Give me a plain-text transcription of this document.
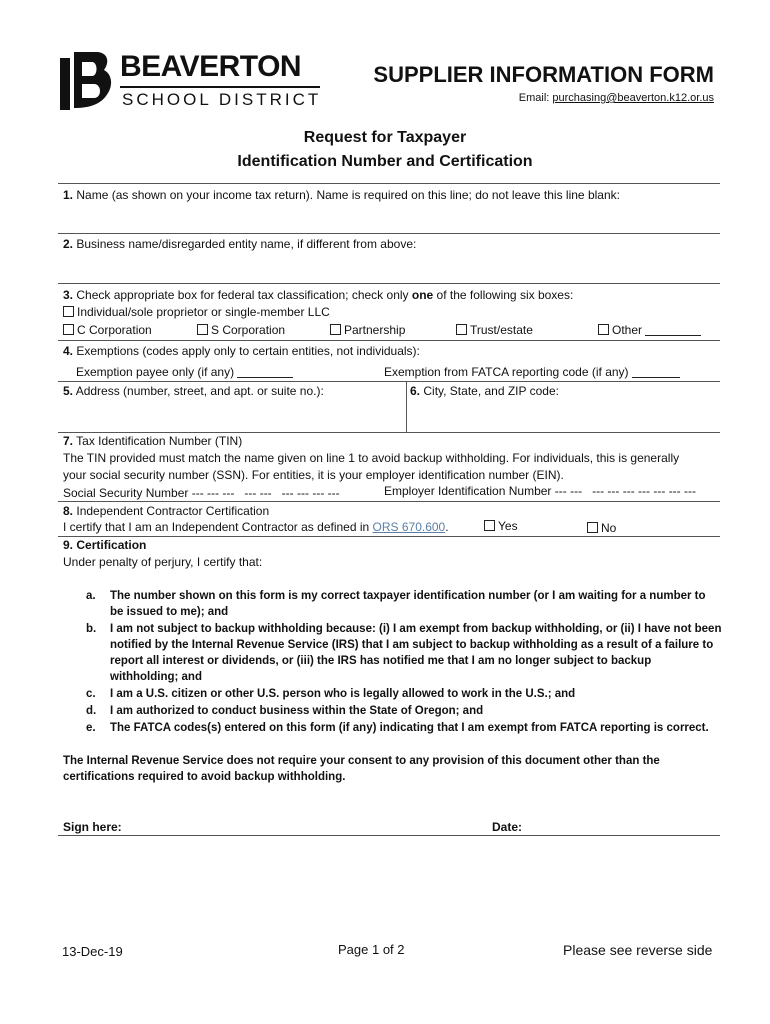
BEAVERTON
SCHOOL DISTRICT
SUPPLIER INFORMATION FORM
Email: purchasing@beaverton.k12.or.us
Request for Taxpayer
Identification Number and Certification
1. Name (as shown on your income tax return). Name is required on this line; do not leave this line blank:
2. Business name/disregarded entity name, if different from above:
3. Check appropriate box for federal tax classification; check only one of the following six boxes:
Individual/sole proprietor or single-member LLC
C Corporation	S Corporation	Partnership	Trust/estate	Other
4. Exemptions (codes apply only to certain entities, not individuals):
Exemption payee only (if any)	Exemption from FATCA reporting code (if any)
5. Address (number, street, and apt. or suite no.):	6. City, State, and ZIP code:
7. Tax Identification Number (TIN)
The TIN provided must match the name given on line 1 to avoid backup withholding. For individuals, this is generally
your social security number (SSN). For entities, it is your employer identification number (EIN).
Social Security Number --- --- ---   --- ---   --- --- --- ---	Employer Identification Number --- ---   --- --- --- --- --- --- ---
8. Independent Contractor Certification
I certify that I am an Independent Contractor as defined in ORS 670.600.	Yes	No
9. Certification
Under penalty of perjury, I certify that:
a.	The number shown on this form is my correct taxpayer identification number (or I am waiting for a number to be issued to me); and
b.	I am not subject to backup withholding because: (i) I am exempt from backup withholding, or (ii) I have not been notified by the Internal Revenue Service (IRS) that I am subject to backup withholding as a result of a failure to report all interest or dividends, or (iii) the IRS has notified me that I am no longer subject to backup withholding; and
c.	I am a U.S. citizen or other U.S. person who is legally allowed to work in the U.S.; and
d.	I am authorized to conduct business within the State of Oregon; and
e.	The FATCA codes(s) entered on this form (if any) indicating that I am exempt from FATCA reporting is correct.
The Internal Revenue Service does not require your consent to any provision of this document other than the certifications required to avoid backup withholding.
Sign here:	Date:
13-Dec-19	Page 1 of 2	Please see reverse side
